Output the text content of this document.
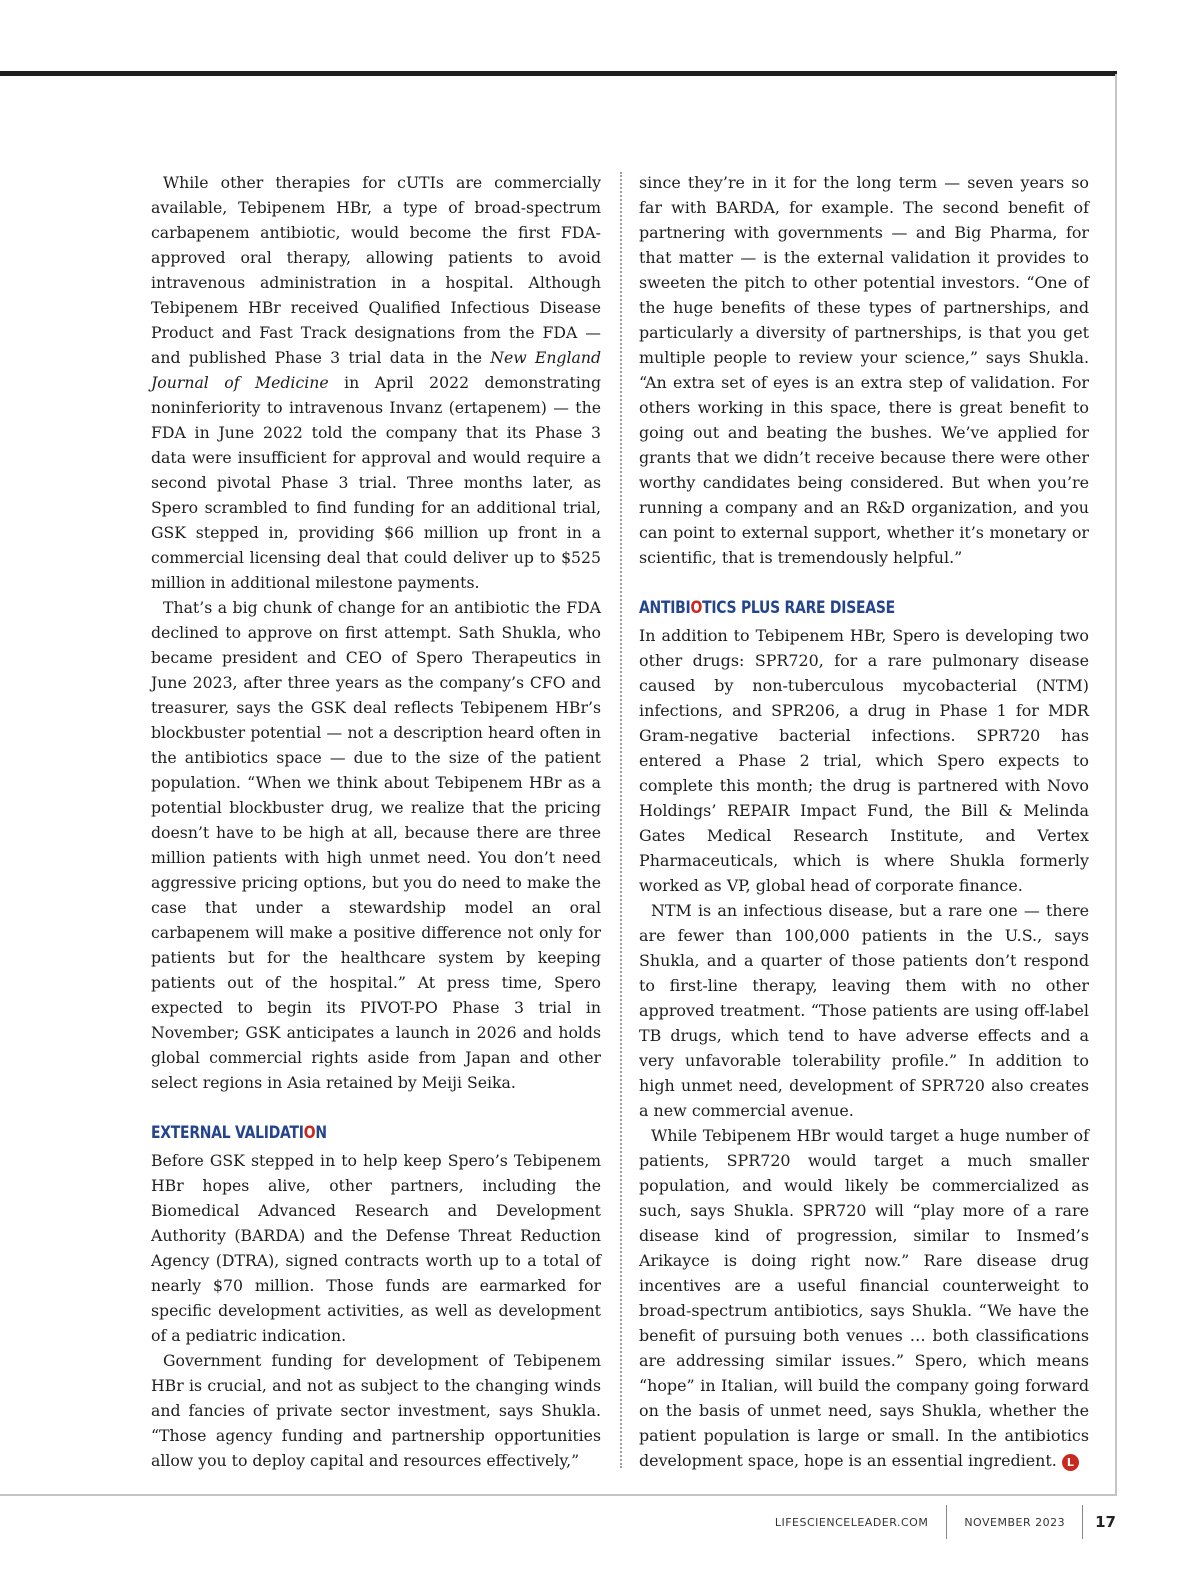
While other therapies for cUTIs are commercially available, Tebipenem HBr, a type of broad-spectrum carbapenem antibiotic, would become the first FDA-approved oral therapy, allowing patients to avoid intravenous administration in a hospital. Although Tebipenem HBr received Qualified Infectious Disease Product and Fast Track designations from the FDA — and published Phase 3 trial data in the New England Journal of Medicine in April 2022 demonstrating noninferiority to intravenous Invanz (ertapenem) — the FDA in June 2022 told the company that its Phase 3 data were insufficient for approval and would require a second pivotal Phase 3 trial. Three months later, as Spero scrambled to find funding for an additional trial, GSK stepped in, providing $66 million up front in a commercial licensing deal that could deliver up to $525 million in additional milestone payments.

That’s a big chunk of change for an antibiotic the FDA declined to approve on first attempt. Sath Shukla, who became president and CEO of Spero Therapeutics in June 2023, after three years as the company’s CFO and treasurer, says the GSK deal reflects Tebipenem HBr’s blockbuster potential — not a description heard often in the antibiotics space — due to the size of the patient population. “When we think about Tebipenem HBr as a potential blockbuster drug, we realize that the pricing doesn’t have to be high at all, because there are three million patients with high unmet need. You don’t need aggressive pricing options, but you do need to make the case that under a stewardship model an oral carbapenem will make a positive difference not only for patients but for the healthcare system by keeping patients out of the hospital.” At press time, Spero expected to begin its PIVOT-PO Phase 3 trial in November; GSK anticipates a launch in 2026 and holds global commercial rights aside from Japan and other select regions in Asia retained by Meiji Seika.

EXTERNAL VALIDATION

Before GSK stepped in to help keep Spero’s Tebipenem HBr hopes alive, other partners, including the Biomedical Advanced Research and Development Authority (BARDA) and the Defense Threat Reduction Agency (DTRA), signed contracts worth up to a total of nearly $70 million. Those funds are earmarked for specific development activities, as well as development of a pediatric indication.

Government funding for development of Tebipenem HBr is crucial, and not as subject to the changing winds and fancies of private sector investment, says Shukla. “Those agency funding and partnership opportunities allow you to deploy capital and resources effectively,”

since they’re in it for the long term — seven years so far with BARDA, for example. The second benefit of partnering with governments — and Big Pharma, for that matter — is the external validation it provides to sweeten the pitch to other potential investors. “One of the huge benefits of these types of partnerships, and particularly a diversity of partnerships, is that you get multiple people to review your science,” says Shukla. “An extra set of eyes is an extra step of validation. For others working in this space, there is great benefit to going out and beating the bushes. We’ve applied for grants that we didn’t receive because there were other worthy candidates being considered. But when you’re running a company and an R&D organization, and you can point to external support, whether it’s monetary or scientific, that is tremendously helpful.”

ANTIBIOTICS PLUS RARE DISEASE

In addition to Tebipenem HBr, Spero is developing two other drugs: SPR720, for a rare pulmonary disease caused by non-tuberculous mycobacterial (NTM) infections, and SPR206, a drug in Phase 1 for MDR Gram-negative bacterial infections. SPR720 has entered a Phase 2 trial, which Spero expects to complete this month; the drug is partnered with Novo Holdings’ REPAIR Impact Fund, the Bill & Melinda Gates Medical Research Institute, and Vertex Pharmaceuticals, which is where Shukla formerly worked as VP, global head of corporate finance.

NTM is an infectious disease, but a rare one — there are fewer than 100,000 patients in the U.S., says Shukla, and a quarter of those patients don’t respond to first-line therapy, leaving them with no other approved treatment. “Those patients are using off-label TB drugs, which tend to have adverse effects and a very unfavorable tolerability profile.” In addition to high unmet need, development of SPR720 also creates a new commercial avenue.

While Tebipenem HBr would target a huge number of patients, SPR720 would target a much smaller population, and would likely be commercialized as such, says Shukla. SPR720 will “play more of a rare disease kind of progression, similar to Insmed’s Arikayce is doing right now.” Rare disease drug incentives are a useful financial counterweight to broad-spectrum antibiotics, says Shukla. “We have the benefit of pursuing both venues … both classifications are addressing similar issues.” Spero, which means “hope” in Italian, will build the company going forward on the basis of unmet need, says Shukla, whether the patient population is large or small. In the antibiotics development space, hope is an essential ingredient. L

LIFESCIENCELEADER.COM	NOVEMBER 2023	17
